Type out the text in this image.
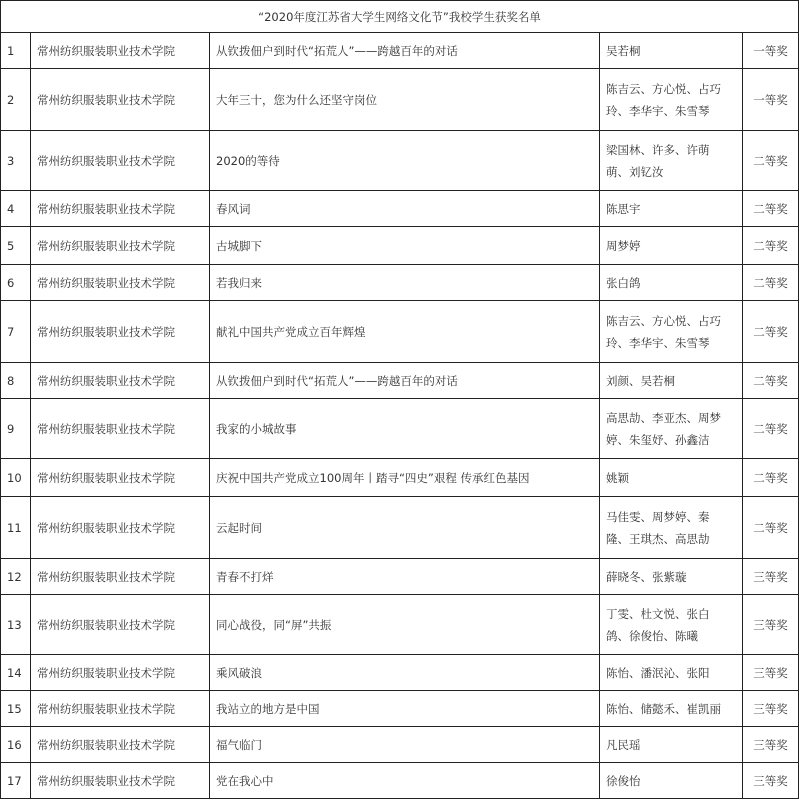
“2020年度江苏省大学生网络文化节”我校学生获奖名单				
1	常州纺织服装职业技术学院	从钦拨佃户到时代“拓荒人”——跨越百年的对话	吴若桐	一等奖
2	常州纺织服装职业技术学院	大年三十，您为什么还坚守岗位	陈吉云、方心悦、占巧玲、李华宇、朱雪琴	一等奖
3	常州纺织服装职业技术学院	2020的等待	梁国林、许多、许萌萌、刘钇汝	二等奖
4	常州纺织服装职业技术学院	春风词	陈思宇	二等奖
5	常州纺织服装职业技术学院	古城脚下	周梦婷	二等奖
6	常州纺织服装职业技术学院	若我归来	张白鸽	二等奖
7	常州纺织服装职业技术学院	献礼中国共产党成立百年辉煌	陈吉云、方心悦、占巧玲、李华宇、朱雪琴	二等奖
8	常州纺织服装职业技术学院	从钦拨佃户到时代“拓荒人”——跨越百年的对话	刘颜、吴若桐	二等奖
9	常州纺织服装职业技术学院	我家的小城故事	高思劼、李亚杰、周梦婷、朱玺妤、孙鑫洁	二等奖
10	常州纺织服装职业技术学院	庆祝中国共产党成立100周年丨踏寻“四史”艰程 传承红色基因	姚颖	二等奖
11	常州纺织服装职业技术学院	云起时间	马佳雯、周梦婷、秦隆、王琪杰、高思劼	二等奖
12	常州纺织服装职业技术学院	青春不打烊	薛晓冬、张紫璇	三等奖
13	常州纺织服装职业技术学院	同心战役，同“屏”共振	丁雯、杜文悦、张白鸽、徐俊怡、陈曦	三等奖
14	常州纺织服装职业技术学院	乘风破浪	陈怡、潘泯沁、张阳	三等奖
15	常州纺织服装职业技术学院	我站立的地方是中国	陈怡、储懿禾、崔凯丽	三等奖
16	常州纺织服装职业技术学院	福气临门	凡民瑶	三等奖
17	常州纺织服装职业技术学院	党在我心中	徐俊怡	三等奖
